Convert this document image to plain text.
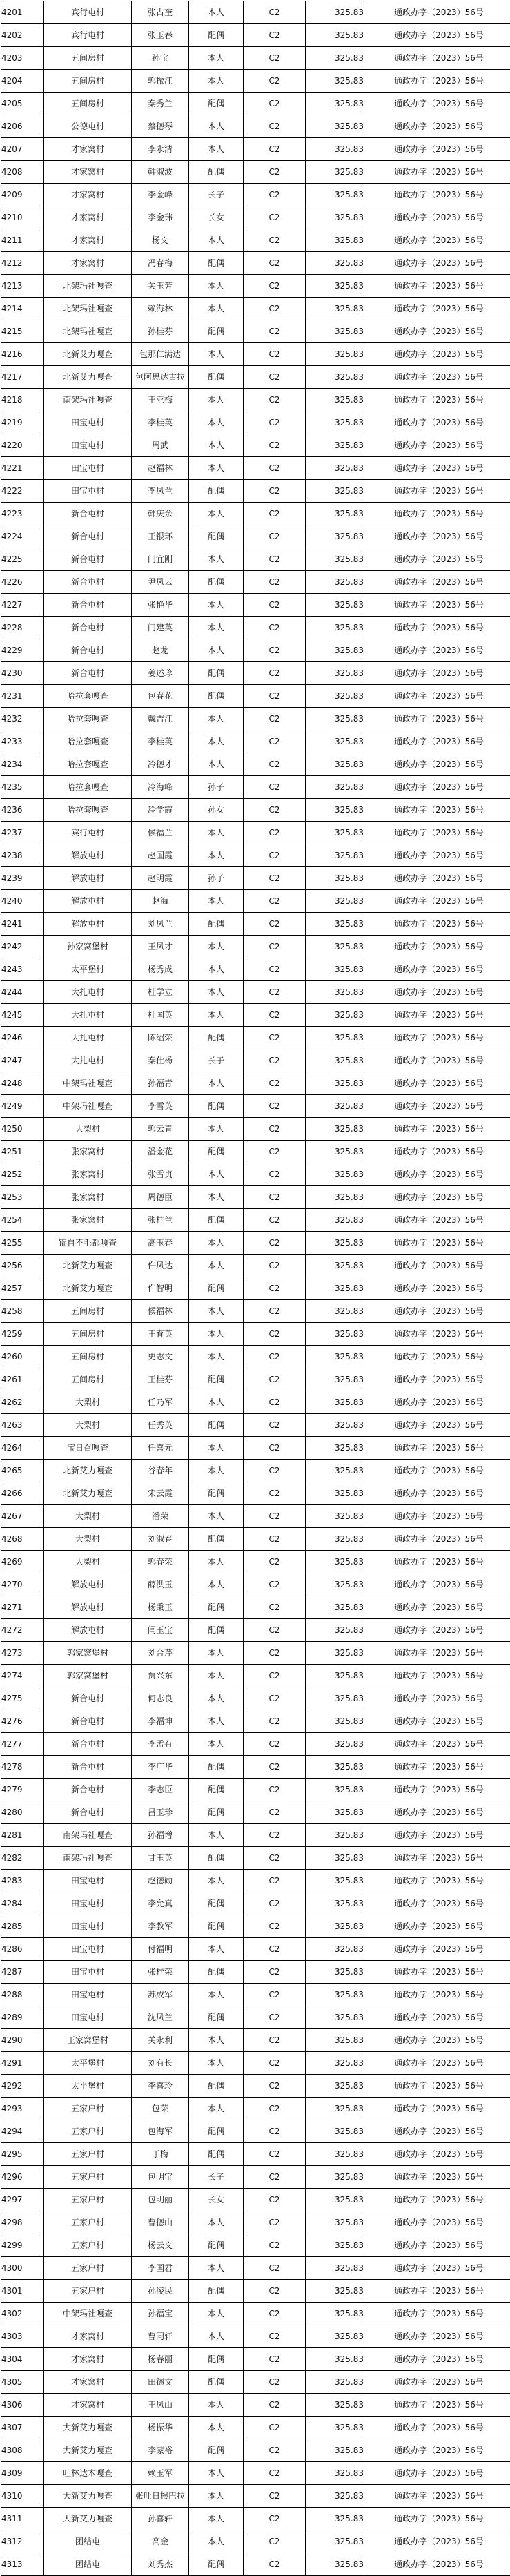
4201	宾行屯村	张占奎	本人	C2	325.83	通政办字（2023）56号
4202	宾行屯村	张玉春	配偶	C2	325.83	通政办字（2023）56号
4203	五间房村	孙宝	本人	C2	325.83	通政办字（2023）56号
4204	五间房村	郭振江	本人	C2	325.83	通政办字（2023）56号
4205	五间房村	秦秀兰	配偶	C2	325.83	通政办字（2023）56号
4206	公德屯村	蔡德琴	本人	C2	325.83	通政办字（2023）56号
4207	才家窝村	李永清	本人	C2	325.83	通政办字（2023）56号
4208	才家窝村	韩淑波	配偶	C2	325.83	通政办字（2023）56号
4209	才家窝村	李金峰	长子	C2	325.83	通政办字（2023）56号
4210	才家窝村	李金玮	长女	C2	325.83	通政办字（2023）56号
4211	才家窝村	杨文	本人	C2	325.83	通政办字（2023）56号
4212	才家窝村	冯春梅	配偶	C2	325.83	通政办字（2023）56号
4213	北架玛社嘎查	关玉芳	本人	C2	325.83	通政办字（2023）56号
4214	北架玛社嘎查	赖海林	本人	C2	325.83	通政办字（2023）56号
4215	北架玛社嘎查	孙桂芬	配偶	C2	325.83	通政办字（2023）56号
4216	北新艾力嘎查	包那仁满达	本人	C2	325.83	通政办字（2023）56号
4217	北新艾力嘎查	包阿思达古拉	配偶	C2	325.83	通政办字（2023）56号
4218	南架玛社嘎查	王亚梅	本人	C2	325.83	通政办字（2023）56号
4219	田宝屯村	李桂英	本人	C2	325.83	通政办字（2023）56号
4220	田宝屯村	周武	本人	C2	325.83	通政办字（2023）56号
4221	田宝屯村	赵福林	本人	C2	325.83	通政办字（2023）56号
4222	田宝屯村	李凤兰	配偶	C2	325.83	通政办字（2023）56号
4223	新合屯村	韩庆余	本人	C2	325.83	通政办字（2023）56号
4224	新合屯村	王银环	配偶	C2	325.83	通政办字（2023）56号
4225	新合屯村	门宜刚	本人	C2	325.83	通政办字（2023）56号
4226	新合屯村	尹凤云	配偶	C2	325.83	通政办字（2023）56号
4227	新合屯村	张艳华	本人	C2	325.83	通政办字（2023）56号
4228	新合屯村	门建英	本人	C2	325.83	通政办字（2023）56号
4229	新合屯村	赵龙	本人	C2	325.83	通政办字（2023）56号
4230	新合屯村	姜述珍	配偶	C2	325.83	通政办字（2023）56号
4231	哈拉套嘎查	包春花	配偶	C2	325.83	通政办字（2023）56号
4232	哈拉套嘎查	戴吉江	本人	C2	325.83	通政办字（2023）56号
4233	哈拉套嘎查	李桂英	本人	C2	325.83	通政办字（2023）56号
4234	哈拉套嘎查	冷德才	本人	C2	325.83	通政办字（2023）56号
4235	哈拉套嘎查	冷海峰	孙子	C2	325.83	通政办字（2023）56号
4236	哈拉套嘎查	冷学霞	孙女	C2	325.83	通政办字（2023）56号
4237	宾行屯村	候福兰	本人	C2	325.83	通政办字（2023）56号
4238	解放屯村	赵国霞	本人	C2	325.83	通政办字（2023）56号
4239	解放屯村	赵明霞	孙子	C2	325.83	通政办字（2023）56号
4240	解放屯村	赵海	本人	C2	325.83	通政办字（2023）56号
4241	解放屯村	刘凤兰	配偶	C2	325.83	通政办字（2023）56号
4242	孙家窝堡村	王凤才	本人	C2	325.83	通政办字（2023）56号
4243	太平堡村	杨秀成	本人	C2	325.83	通政办字（2023）56号
4244	大扎屯村	杜学立	本人	C2	325.83	通政办字（2023）56号
4245	大扎屯村	杜国英	本人	C2	325.83	通政办字（2023）56号
4246	大扎屯村	陈绍荣	配偶	C2	325.83	通政办字（2023）56号
4247	大扎屯村	秦仕杨	长子	C2	325.83	通政办字（2023）56号
4248	中架玛社嘎查	孙福青	本人	C2	325.83	通政办字（2023）56号
4249	中架玛社嘎查	李雪英	配偶	C2	325.83	通政办字（2023）56号
4250	大梨村	郭云青	本人	C2	325.83	通政办字（2023）56号
4251	张家窝村	潘金花	配偶	C2	325.83	通政办字（2023）56号
4252	张家窝村	张雪贞	本人	C2	325.83	通政办字（2023）56号
4253	张家窝村	周德臣	本人	C2	325.83	通政办字（2023）56号
4254	张家窝村	张桂兰	配偶	C2	325.83	通政办字（2023）56号
4255	锦自不毛都嘎查	高玉春	本人	C2	325.83	通政办字（2023）56号
4256	北新艾力嘎查	仵凤达	本人	C2	325.83	通政办字（2023）56号
4257	北新艾力嘎查	仵智明	配偶	C2	325.83	通政办字（2023）56号
4258	五间房村	候福林	本人	C2	325.83	通政办字（2023）56号
4259	五间房村	王育英	本人	C2	325.83	通政办字（2023）56号
4260	五间房村	史志文	本人	C2	325.83	通政办字（2023）56号
4261	五间房村	王桂芬	配偶	C2	325.83	通政办字（2023）56号
4262	大梨村	任乃军	本人	C2	325.83	通政办字（2023）56号
4263	大梨村	任秀英	配偶	C2	325.83	通政办字（2023）56号
4264	宝日召嘎查	任喜元	本人	C2	325.83	通政办字（2023）56号
4265	北新艾力嘎查	谷春年	本人	C2	325.83	通政办字（2023）56号
4266	北新艾力嘎查	宋云霞	配偶	C2	325.83	通政办字（2023）56号
4267	大梨村	潘荣	本人	C2	325.83	通政办字（2023）56号
4268	大梨村	刘淑春	配偶	C2	325.83	通政办字（2023）56号
4269	大梨村	郭春荣	本人	C2	325.83	通政办字（2023）56号
4270	解放屯村	薛洪玉	本人	C2	325.83	通政办字（2023）56号
4271	解放屯村	杨秉玉	配偶	C2	325.83	通政办字（2023）56号
4272	解放屯村	闫玉宝	配偶	C2	325.83	通政办字（2023）56号
4273	郭家窝堡村	刘合芹	本人	C2	325.83	通政办字（2023）56号
4274	郭家窝堡村	贾兴东	本人	C2	325.83	通政办字（2023）56号
4275	新合屯村	何志良	本人	C2	325.83	通政办字（2023）56号
4276	新合屯村	李福坤	本人	C2	325.83	通政办字（2023）56号
4277	新合屯村	李孟有	本人	C2	325.83	通政办字（2023）56号
4278	新合屯村	李广华	配偶	C2	325.83	通政办字（2023）56号
4279	新合屯村	李志臣	配偶	C2	325.83	通政办字（2023）56号
4280	新合屯村	吕玉珍	配偶	C2	325.83	通政办字（2023）56号
4281	南架玛社嘎查	孙福增	本人	C2	325.83	通政办字（2023）56号
4282	南架玛社嘎查	甘玉英	配偶	C2	325.83	通政办字（2023）56号
4283	田宝屯村	赵德勋	本人	C2	325.83	通政办字（2023）56号
4284	田宝屯村	李允真	配偶	C2	325.83	通政办字（2023）56号
4285	田宝屯村	李教军	配偶	C2	325.83	通政办字（2023）56号
4286	田宝屯村	付福明	本人	C2	325.83	通政办字（2023）56号
4287	田宝屯村	张桂荣	配偶	C2	325.83	通政办字（2023）56号
4288	田宝屯村	苏成军	本人	C2	325.83	通政办字（2023）56号
4289	田宝屯村	沈凤兰	配偶	C2	325.83	通政办字（2023）56号
4290	王家窝堡村	关永利	本人	C2	325.83	通政办字（2023）56号
4291	太平堡村	刘有长	本人	C2	325.83	通政办字（2023）56号
4292	太平堡村	李喜玲	配偶	C2	325.83	通政办字（2023）56号
4293	五家户村	包荣	本人	C2	325.83	通政办字（2023）56号
4294	五家户村	包海军	配偶	C2	325.83	通政办字（2023）56号
4295	五家户村	于梅	配偶	C2	325.83	通政办字（2023）56号
4296	五家户村	包明宝	长子	C2	325.83	通政办字（2023）56号
4297	五家户村	包明丽	长女	C2	325.83	通政办字（2023）56号
4298	五家户村	曹德山	本人	C2	325.83	通政办字（2023）56号
4299	五家户村	杨云文	配偶	C2	325.83	通政办字（2023）56号
4300	五家户村	李国君	本人	C2	325.83	通政办字（2023）56号
4301	五家户村	孙凌民	配偶	C2	325.83	通政办字（2023）56号
4302	中架玛社嘎查	孙福宝	本人	C2	325.83	通政办字（2023）56号
4303	才家窝村	曹同轩	本人	C2	325.83	通政办字（2023）56号
4304	才家窝村	杨春丽	配偶	C2	325.83	通政办字（2023）56号
4305	才家窝村	田德文	配偶	C2	325.83	通政办字（2023）56号
4306	才家窝村	王凤山	本人	C2	325.83	通政办字（2023）56号
4307	大新艾力嘎查	杨振华	本人	C2	325.83	通政办字（2023）56号
4308	大新艾力嘎查	李蒙裕	配偶	C2	325.83	通政办字（2023）56号
4309	吐林达木嘎查	赖玉军	本人	C2	325.83	通政办字（2023）56号
4310	大新艾力嘎查	张吐日根巴拉	本人	C2	325.83	通政办字（2023）56号
4311	大新艾力嘎查	孙喜轩	本人	C2	325.83	通政办字（2023）56号
4312	团结屯	高金	本人	C2	325.83	通政办字（2023）56号
4313	团结屯	刘秀杰	配偶	C2	325.83	通政办字（2023）56号
